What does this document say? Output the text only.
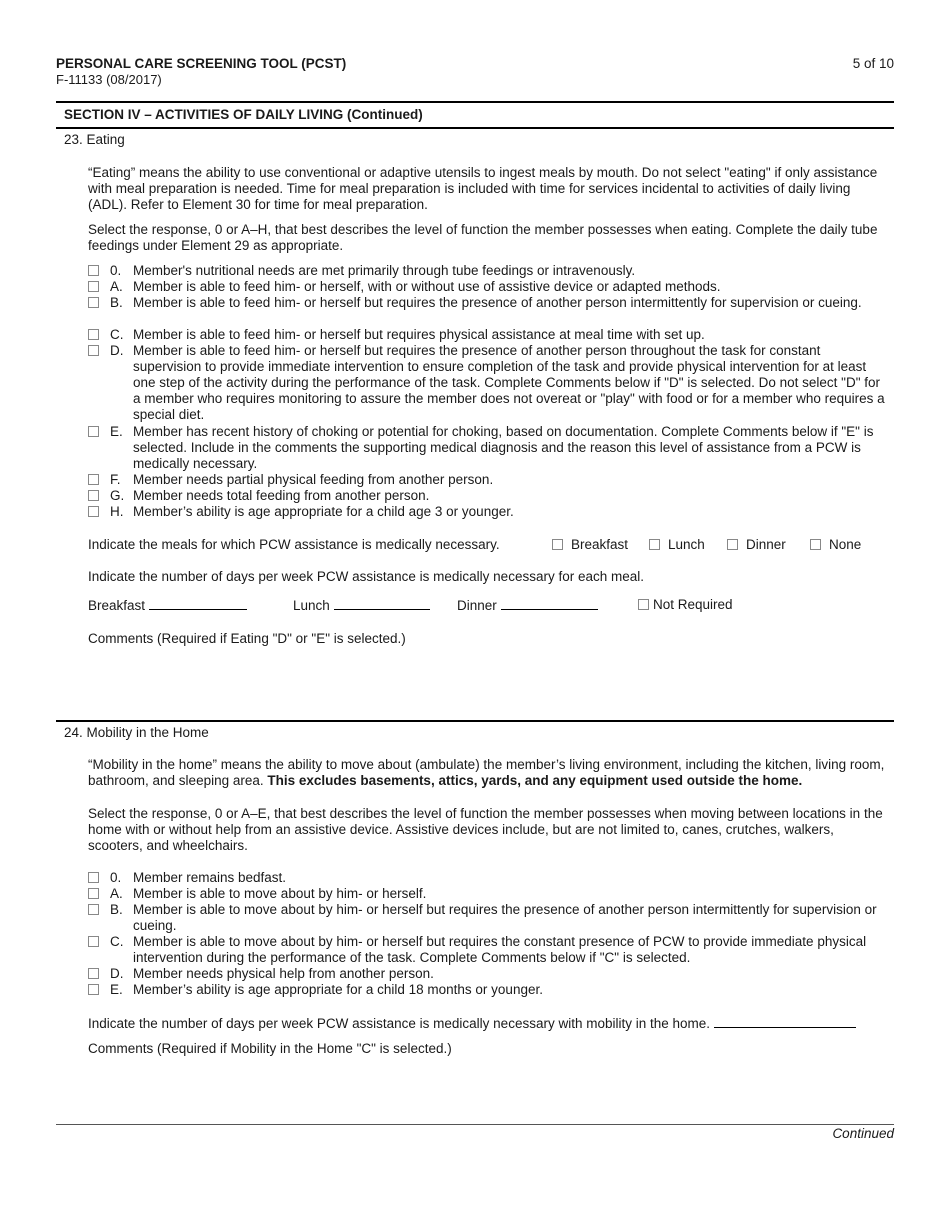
PERSONAL CARE SCREENING TOOL (PCST)
F-11133 (08/2017)
5 of 10
SECTION IV – ACTIVITIES OF DAILY LIVING (Continued)
23. Eating
“Eating” means the ability to use conventional or adaptive utensils to ingest meals by mouth. Do not select "eating" if only assistance with meal preparation is needed. Time for meal preparation is included with time for services incidental to activities of daily living (ADL). Refer to Element 30 for time for meal preparation.
Select the response, 0 or A–H, that best describes the level of function the member possesses when eating. Complete the daily tube feedings under Element 29 as appropriate.
0. Member's nutritional needs are met primarily through tube feedings or intravenously.
A. Member is able to feed him- or herself, with or without use of assistive device or adapted methods.
B. Member is able to feed him- or herself but requires the presence of another person intermittently for supervision or cueing.
C. Member is able to feed him- or herself but requires physical assistance at meal time with set up.
D. Member is able to feed him- or herself but requires the presence of another person throughout the task for constant supervision to provide immediate intervention to ensure completion of the task and provide physical intervention for at least one step of the activity during the performance of the task. Complete Comments below if "D" is selected. Do not select "D" for a member who requires monitoring to assure the member does not overeat or "play" with food or for a member who requires a special diet.
E. Member has recent history of choking or potential for choking, based on documentation. Complete Comments below if "E" is selected. Include in the comments the supporting medical diagnosis and the reason this level of assistance from a PCW is medically necessary.
F. Member needs partial physical feeding from another person.
G. Member needs total feeding from another person.
H. Member’s ability is age appropriate for a child age 3 or younger.
Indicate the meals for which PCW assistance is medically necessary.	Breakfast	Lunch	Dinner	None
Indicate the number of days per week PCW assistance is medically necessary for each meal.
Breakfast	Lunch	Dinner	Not Required
Comments (Required if Eating "D" or "E" is selected.)
24. Mobility in the Home
“Mobility in the home” means the ability to move about (ambulate) the member’s living environment, including the kitchen, living room, bathroom, and sleeping area. This excludes basements, attics, yards, and any equipment used outside the home.
Select the response, 0 or A–E, that best describes the level of function the member possesses when moving between locations in the home with or without help from an assistive device. Assistive devices include, but are not limited to, canes, crutches, walkers, scooters, and wheelchairs.
0. Member remains bedfast.
A. Member is able to move about by him- or herself.
B. Member is able to move about by him- or herself but requires the presence of another person intermittently for supervision or cueing.
C. Member is able to move about by him- or herself but requires the constant presence of PCW to provide immediate physical intervention during the performance of the task. Complete Comments below if "C" is selected.
D. Member needs physical help from another person.
E. Member’s ability is age appropriate for a child 18 months or younger.
Indicate the number of days per week PCW assistance is medically necessary with mobility in the home.
Comments (Required if Mobility in the Home "C" is selected.)
Continued
